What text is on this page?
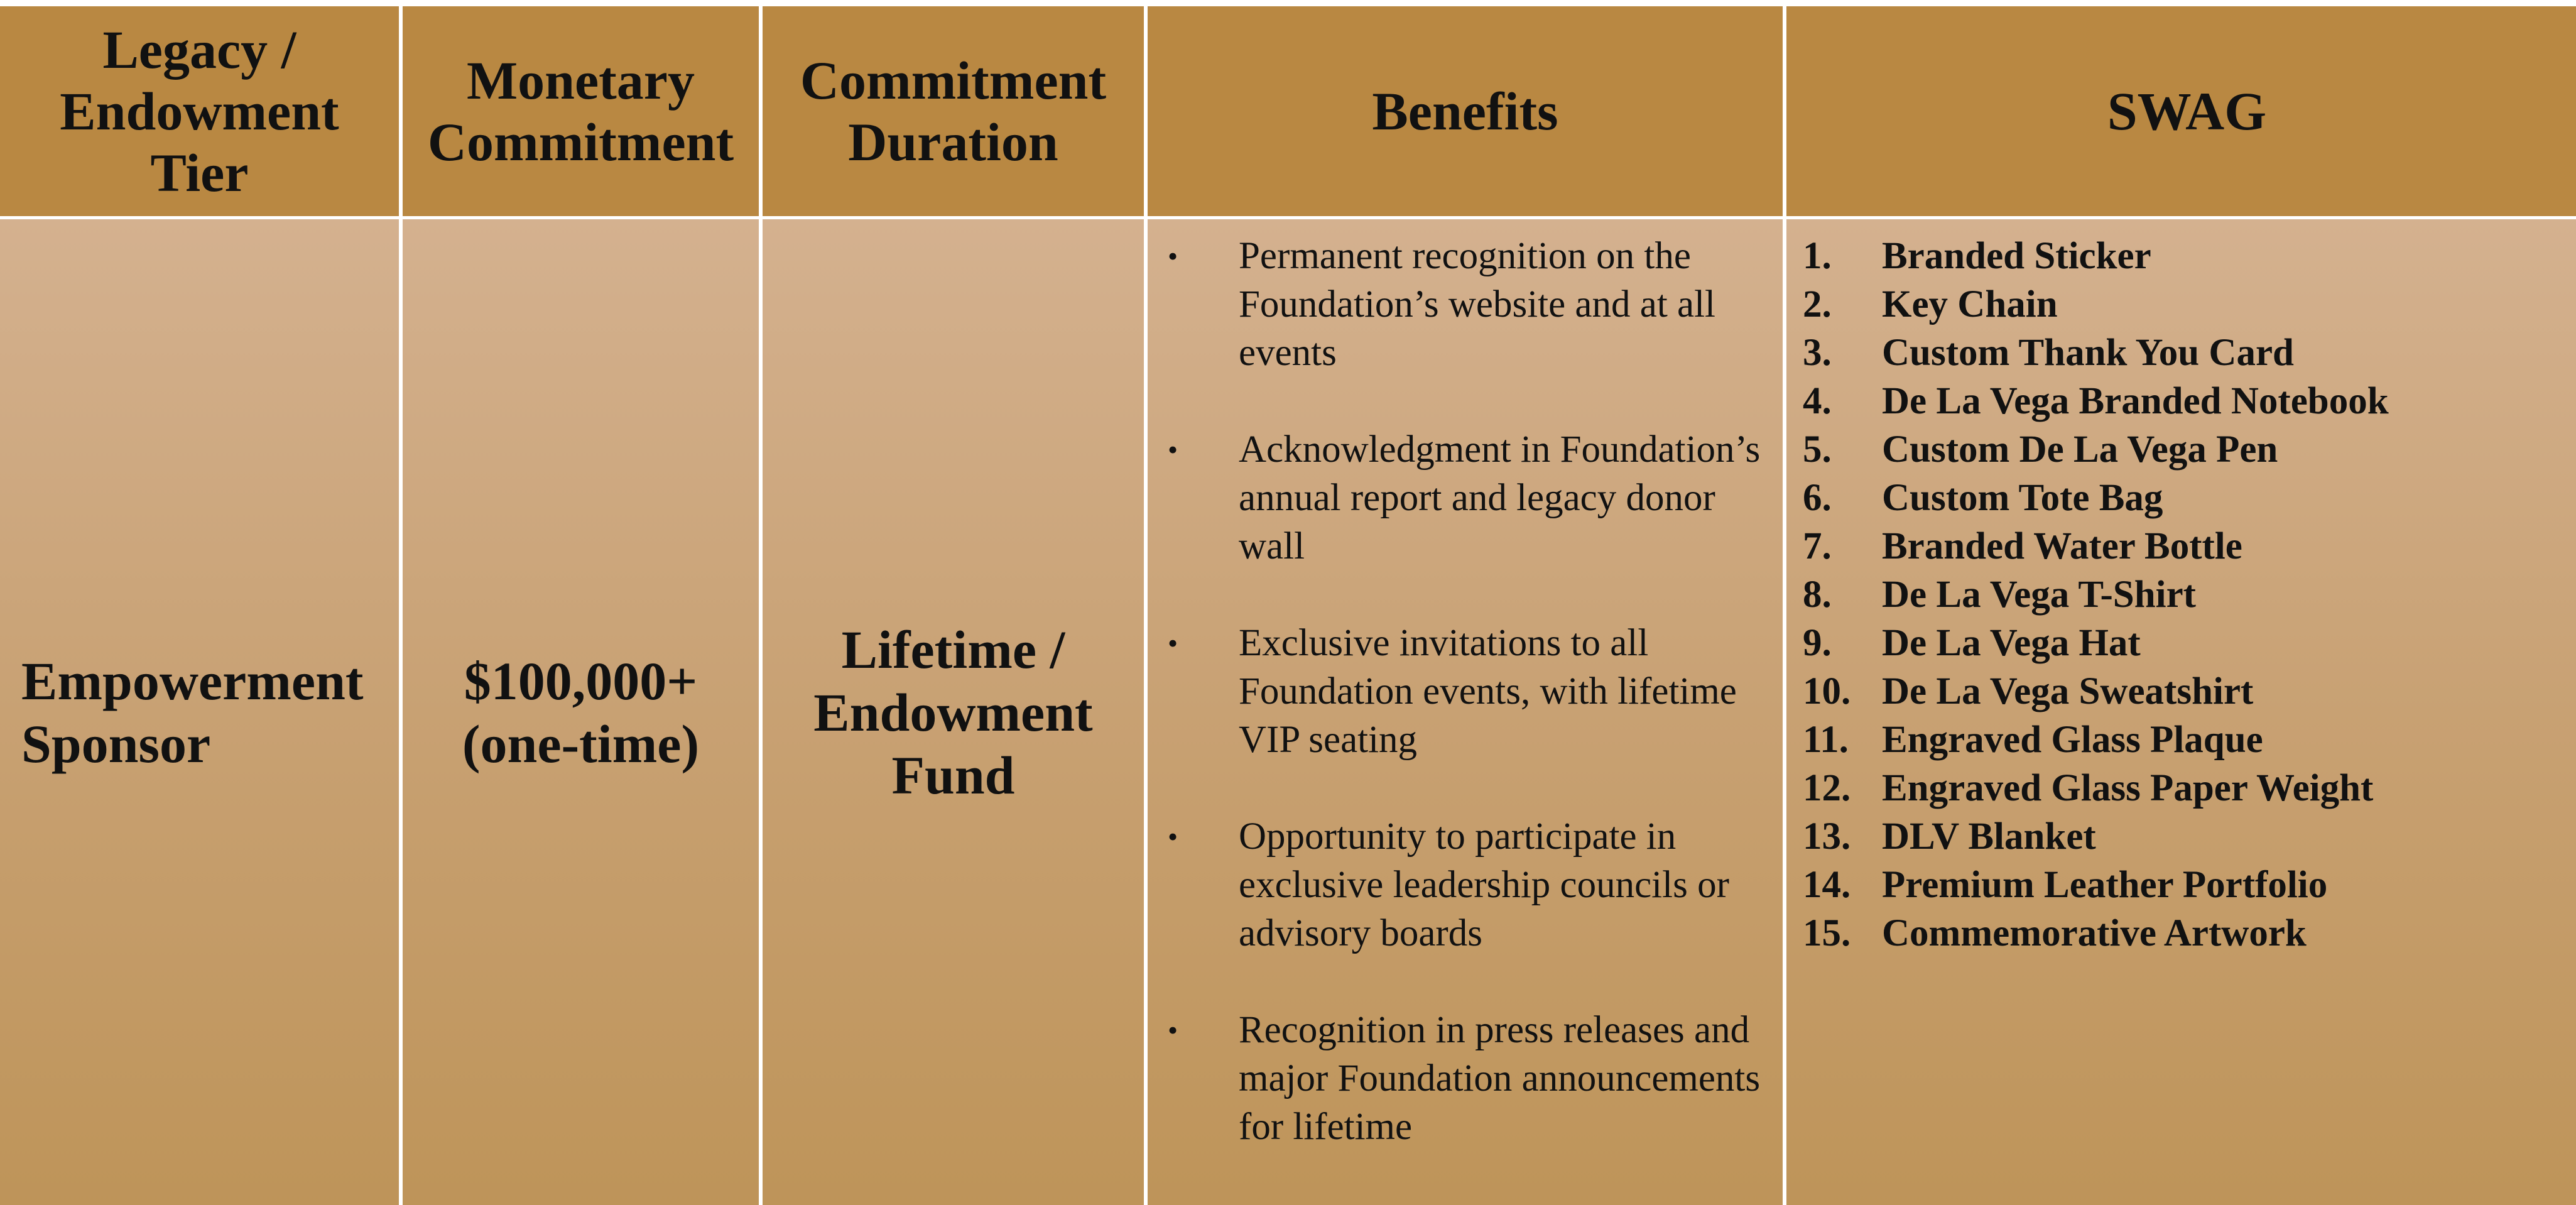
Legacy /
Endowment
Tier
Monetary
Commitment
Commitment
Duration
Benefits	SWAG
Empowerment
Sponsor
$100,000+
(one-time)
Lifetime /
Endowment
Fund
• Permanent recognition on the Foundation’s website and at all events
• Acknowledgment in Foundation’s annual report and legacy donor wall
• Exclusive invitations to all Foundation events, with lifetime VIP seating
• Opportunity to participate in exclusive leadership councils or advisory boards
• Recognition in press releases and major Foundation announcements for lifetime
1. Branded Sticker
2. Key Chain
3. Custom Thank You Card
4. De La Vega Branded Notebook
5. Custom De La Vega Pen
6. Custom Tote Bag
7. Branded Water Bottle
8. De La Vega T-Shirt
9. De La Vega Hat
10. De La Vega Sweatshirt
11. Engraved Glass Plaque
12. Engraved Glass Paper Weight
13. DLV Blanket
14. Premium Leather Portfolio
15. Commemorative Artwork
